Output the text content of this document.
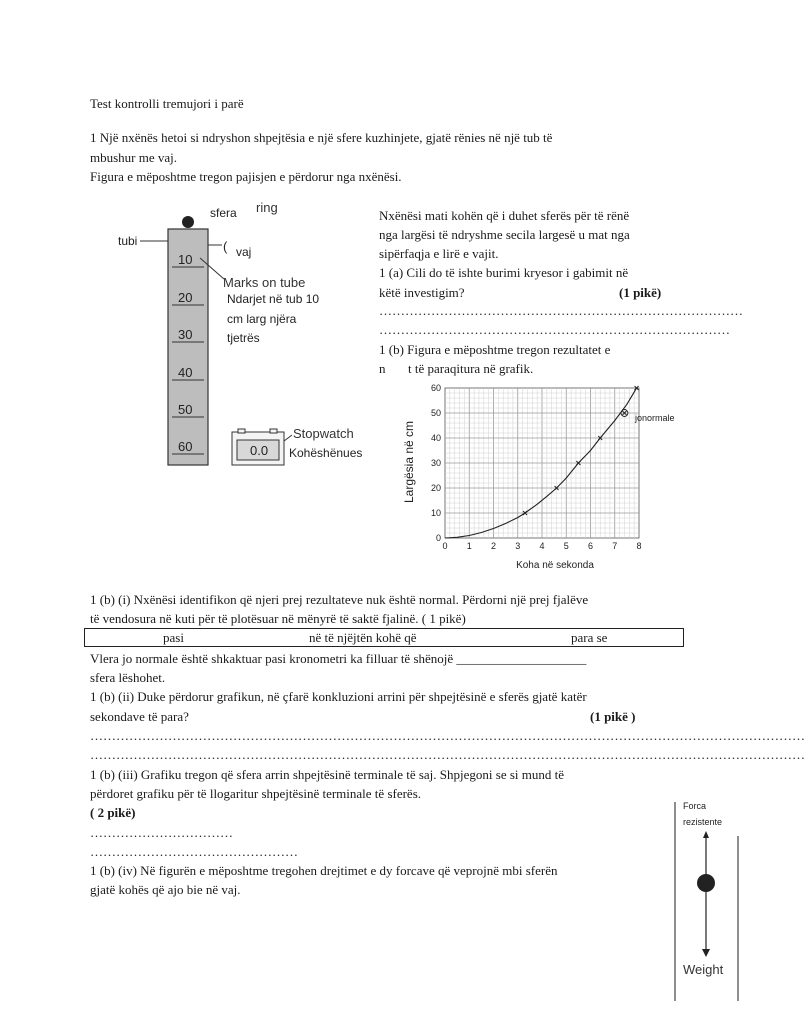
Test kontrolli tremujori i parë
1 Një nxënës hetoi si ndryshon shpejtësia e një sfere kuzhinjete, gjatë rënies në një tub të
mbushur me vaj.
Figura e mëposhtme tregon pajisjen e përdorur nga nxënësi.
10
20
30
40
50
60
sfera ring
tubi	( vaj
Marks on tube
Ndarjet në tub 10
cm larg njëra
tjetrës
0.0
Stopwatch
Kohëshënues
Nxënësi mati kohën që i duhet sferës për të rënë
nga largësi të ndryshme secila largesë u mat nga
sipërfaqja e lirë e vajit.
1 (a) Cili do të ishte burimi kryesor i gabimit në
këtë investigim?	(1 pikë)
…………………………………………………………………………
………………………………………………………………………
1 (b) Figura e mëposhtme tregon rezultatet e
n t të paraqitura në grafik.
0 1 2 3 4 5 6 7 8
0
10
20
30
40
50
60
Largësia në cm
Koha në sekonda
jonormale
1 (b) (i) Nxënësi identifikon që njeri prej rezultateve nuk është normal. Përdorni një prej fjalëve
të vendosura në kuti për të plotësuar në mënyrë të saktë fjalinë. ( 1 pikë)
pasi	në të njëjtën kohë që	para se
Vlera jo normale është shkaktuar pasi kronometri ka filluar të shënojë ____________________
sfera lëshohet.
1 (b) (ii) Duke përdorur grafikun, në çfarë konkluzioni arrini për shpejtësinë e sferës gjatë katër
sekondave të para?	(1 pikë )
…………………………………………………………………………………………………………………………………………………
…………………………………………………………………………………………………………………………………………………
1 (b) (iii) Grafiku tregon që sfera arrin shpejtësinë terminale të saj. Shpjegoni se si mund të
përdoret grafiku për të llogaritur shpejtësinë terminale të sferës.
( 2 pikë)
……………………………
…………………………………………
1 (b) (iv) Në figurën e mëposhtme tregohen drejtimet e dy forcave që veprojnë mbi sferën
gjatë kohës që ajo bie në vaj.
Forca
rezistente
Weight
